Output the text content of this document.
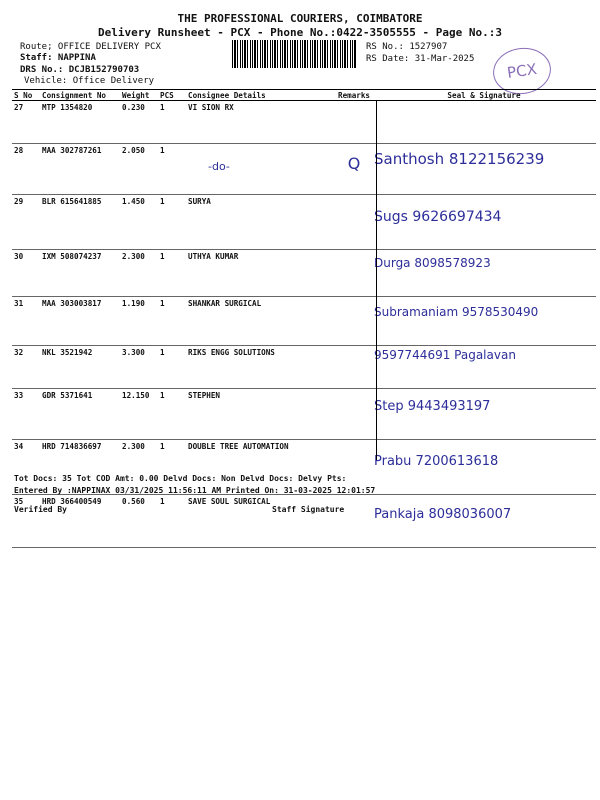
THE PROFESSIONAL COURIERS, COIMBATORE
Delivery Runsheet - PCX - Phone No.:0422-3505555 - Page No.:3
Route; OFFICE DELIVERY PCX
Staff: NAPPINA
DRS No.: DCJB152790703
Vehicle: Office Delivery
RS No.: 1527907
RS Date: 31-Mar-2025
PCX
S No	Consignment No	Weight	PCS	Consignee Details	Remarks	Seal & Signature
27	MTP 1354820	0.230	1	VI SION RX		
28	MAA 302787261	2.050	1	-do-	Q	Santhosh 8122156239
29	BLR 615641885	1.450	1	SURYA		Sugs 9626697434
30	IXM 508074237	2.300	1	UTHYA KUMAR		Durga 8098578923
31	MAA 303003817	1.190	1	SHANKAR SURGICAL		Subramaniam 9578530490
32	NKL 3521942	3.300	1	RIKS ENGG SOLUTIONS		9597744691 Pagalavan
33	GDR 5371641	12.150	1	STEPHEN		Step 9443493197
34	HRD 714836697	2.300	1	DOUBLE TREE AUTOMATION		Prabu 7200613618
35	HRD 366400549	0.560	1	SAVE SOUL SURGICAL		Pankaja 8098036007
Tot Docs: 35 Tot COD Amt: 0.00 Delvd Docs: Non Delvd Docs: Delvy Pts:
Entered By :NAPPINAX 03/31/2025 11:56:11 AM Printed On: 31-03-2025 12:01:57
Verified By	Staff Signature
